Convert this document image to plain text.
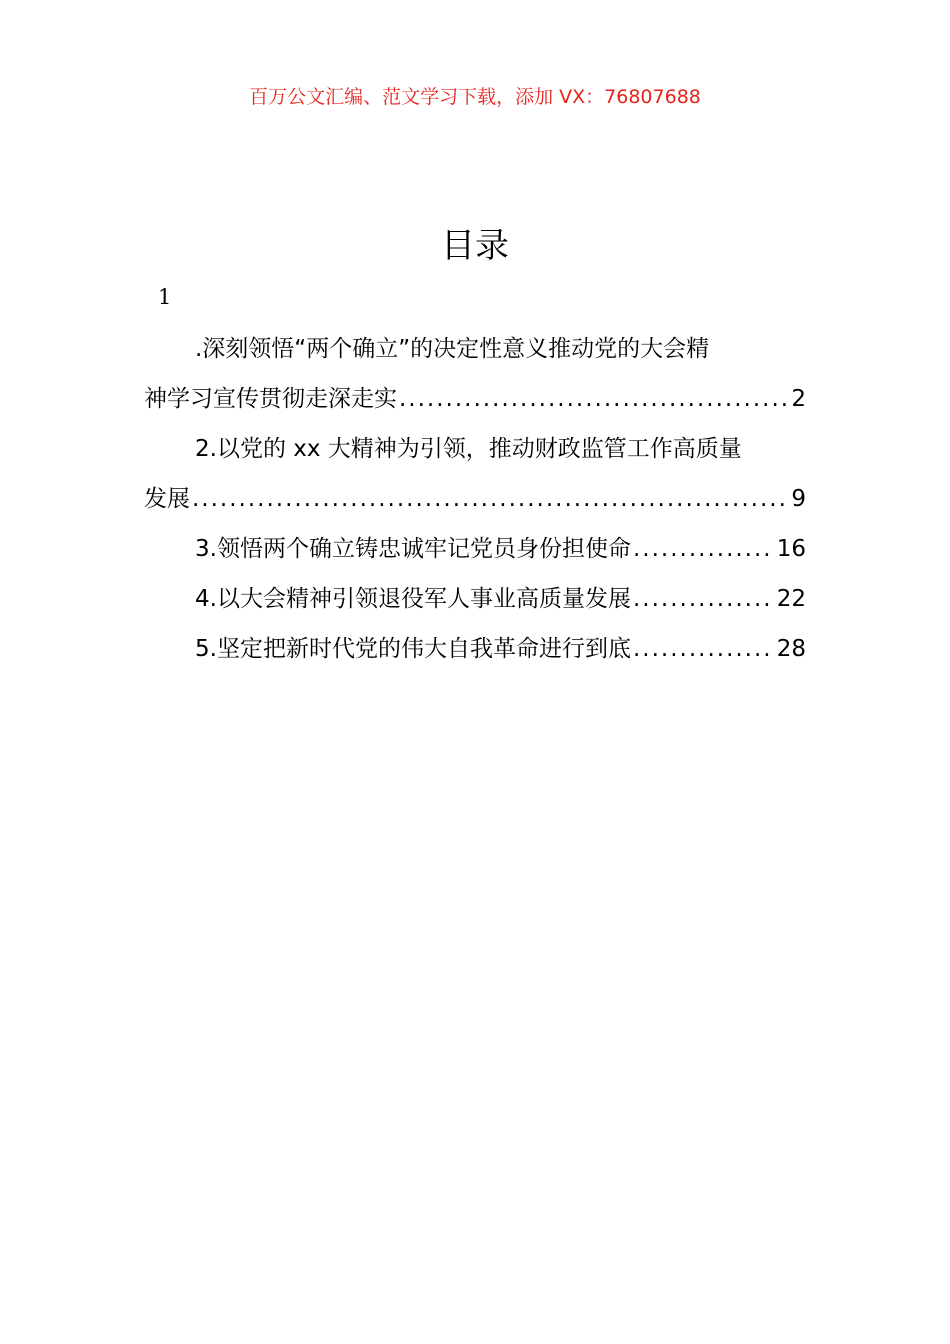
百万公文汇编、范文学习下载，添加 VX：76807688
目录
1
.深刻领悟“两个确立”的决定性意义推动党的大会精
神学习宣传贯彻走深走实 .....	2
2.以党的 xx 大精神为引领，推动财政监管工作高质量
发展 .....	9
3.领悟两个确立铸忠诚牢记党员身份担使命 .....	16
4.以大会精神引领退役军人事业高质量发展 .....	22
5.坚定把新时代党的伟大自我革命进行到底 .....	28
